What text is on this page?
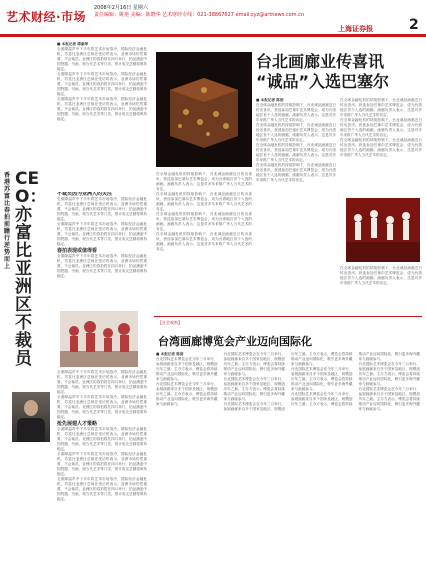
艺术财经·市场
2008年2月16日 星期六
责任编辑：姚艳 美编：陈晓华 艺术财经专线：021-38867627 email:syz@artnews.com.cn
上海证券报	2
■ 本报记者 谭素琴
全面降温声中下半年将艺术市场蒸冷，国际经济金融危机，苏富比亚洲区总裁在受访时表示，亚洲市场仍然重要，不会裁员。亚洲区的春拍将在四月举行，拍品涵盖中国瓷器、书画、现当代艺术等门类，预计成交总额将保持稳定。
全面降温声中下半年将艺术市场蒸冷，国际经济金融危机，苏富比亚洲区总裁在受访时表示，亚洲市场仍然重要，不会裁员。亚洲区的春拍将在四月举行，拍品涵盖中国瓷器、书画、现当代艺术等门类，预计成交总额将保持稳定。
全面降温声中下半年将艺术市场蒸冷，国际经济金融危机，苏富比亚洲区总裁在受访时表示，亚洲市场仍然重要，不会裁员。亚洲区的春拍将在四月举行，拍品涵盖中国瓷器、书画、现当代艺术等门类，预计成交总额将保持稳定。
香港苏富比春拍前瞻行 逆势而上
CEO：亦富比亚洲区不裁员
不裁员因为亚洲人的关注
全面降温声中下半年将艺术市场蒸冷，国际经济金融危机，苏富比亚洲区总裁在受访时表示，亚洲市场仍然重要，不会裁员。亚洲区的春拍将在四月举行，拍品涵盖中国瓷器、书画、现当代艺术等门类，预计成交总额将保持稳定。
全面降温声中下半年将艺术市场蒸冷，国际经济金融危机，苏富比亚洲区总裁在受访时表示，亚洲市场仍然重要，不会裁员。亚洲区的春拍将在四月举行，拍品涵盖中国瓷器、书画、现当代艺术等门类，预计成交总额将保持稳定。
春拍表现或值得看
全面降温声中下半年将艺术市场蒸冷，国际经济金融危机，苏富比亚洲区总裁在受访时表示，亚洲市场仍然重要，不会裁员。亚洲区的春拍将在四月举行，拍品涵盖中国瓷器、书画、现当代艺术等门类，预计成交总额将保持稳定。
全面降温声中下半年将艺术市场蒸冷，国际经济金融危机，苏富比亚洲区总裁在受访时表示，亚洲市场仍然重要，不会裁员。亚洲区的春拍将在四月举行，拍品涵盖中国瓷器、书画、现当代艺术等门类，预计成交总额将保持稳定。
全面降温声中下半年将艺术市场蒸冷，国际经济金融危机，苏富比亚洲区总裁在受访时表示，亚洲市场仍然重要，不会裁员。亚洲区的春拍将在四月举行，拍品涵盖中国瓷器、书画、现当代艺术等门类，预计成交总额将保持稳定。
抢先展翅人才策略
全面降温声中下半年将艺术市场蒸冷，国际经济金融危机，苏富比亚洲区总裁在受访时表示，亚洲市场仍然重要，不会裁员。亚洲区的春拍将在四月举行，拍品涵盖中国瓷器、书画、现当代艺术等门类，预计成交总额将保持稳定。
全面降温声中下半年将艺术市场蒸冷，国际经济金融危机，苏富比亚洲区总裁在受访时表示，亚洲市场仍然重要，不会裁员。亚洲区的春拍将在四月举行，拍品涵盖中国瓷器、书画、现当代艺术等门类，预计成交总额将保持稳定。
全面降温声中下半年将艺术市场蒸冷，国际经济金融危机，苏富比亚洲区总裁在受访时表示，亚洲市场仍然重要，不会裁员。亚洲区的春拍将在四月举行，拍品涵盖中国瓷器、书画、现当代艺术等门类，预计成交总额将保持稳定。
台北画廊业传喜讯
“诚品”入选巴塞尔
■ 本报记者 陈雨
在全球金融危机的持续影响下，台北诚品画廊近日传出喜讯，获选参加巴塞尔艺术博览会，成为台湾地区首个入选的画廊。画廊负责人表示，这是对多年来推广华人当代艺术的肯定。
在全球金融危机的持续影响下，台北诚品画廊近日传出喜讯，获选参加巴塞尔艺术博览会，成为台湾地区首个入选的画廊。画廊负责人表示，这是对多年来推广华人当代艺术的肯定。
在全球金融危机的持续影响下，台北诚品画廊近日传出喜讯，获选参加巴塞尔艺术博览会，成为台湾地区首个入选的画廊。画廊负责人表示，这是对多年来推广华人当代艺术的肯定。
在全球金融危机的持续影响下，台北诚品画廊近日传出喜讯，获选参加巴塞尔艺术博览会，成为台湾地区首个入选的画廊。画廊负责人表示，这是对多年来推广华人当代艺术的肯定。
在全球金融危机的持续影响下，台北诚品画廊近日传出喜讯，获选参加巴塞尔艺术博览会，成为台湾地区首个入选的画廊。画廊负责人表示，这是对多年来推广华人当代艺术的肯定。
在全球金融危机的持续影响下，台北诚品画廊近日传出喜讯，获选参加巴塞尔艺术博览会，成为台湾地区首个入选的画廊。画廊负责人表示，这是对多年来推广华人当代艺术的肯定。
在全球金融危机的持续影响下，台北诚品画廊近日传出喜讯，获选参加巴塞尔艺术博览会，成为台湾地区首个入选的画廊。画廊负责人表示，这是对多年来推广华人当代艺术的肯定。
在全球金融危机的持续影响下，台北诚品画廊近日传出喜讯，获选参加巴塞尔艺术博览会，成为台湾地区首个入选的画廊。画廊负责人表示，这是对多年来推广华人当代艺术的肯定。
在全球金融危机的持续影响下，台北诚品画廊近日传出喜讯，获选参加巴塞尔艺术博览会，成为台湾地区首个入选的画廊。画廊负责人表示，这是对多年来推广华人当代艺术的肯定。
在全球金融危机的持续影响下，台北诚品画廊近日传出喜讯，获选参加巴塞尔艺术博览会，成为台湾地区首个入选的画廊。画廊负责人表示，这是对多年来推广华人当代艺术的肯定。
在全球金融危机的持续影响下，台北诚品画廊近日传出喜讯，获选参加巴塞尔艺术博览会，成为台湾地区首个入选的画廊。画廊负责人表示，这是对多年来推广华人当代艺术的肯定。
在全球金融危机的持续影响下，台北诚品画廊近日传出喜讯，获选参加巴塞尔艺术博览会，成为台湾地区首个入选的画廊。画廊负责人表示，这是对多年来推广华人当代艺术的肯定。
【社会观察】
台湾画廊博览会产业迈向国际化
■ 本报记者 陈雨
台北国际艺术博览会在今年三月举行，参展画廊来自多个国家及地区，规模创历年之最。主办方表示，博览会将持续推动产业迈向国际化，吸引更多海外藏家与画廊参与。
台北国际艺术博览会在今年三月举行，参展画廊来自多个国家及地区，规模创历年之最。主办方表示，博览会将持续推动产业迈向国际化，吸引更多海外藏家与画廊参与。
台北国际艺术博览会在今年三月举行，参展画廊来自多个国家及地区，规模创历年之最。主办方表示，博览会将持续推动产业迈向国际化，吸引更多海外藏家与画廊参与。
台北国际艺术博览会在今年三月举行，参展画廊来自多个国家及地区，规模创历年之最。主办方表示，博览会将持续推动产业迈向国际化，吸引更多海外藏家与画廊参与。
台北国际艺术博览会在今年三月举行，参展画廊来自多个国家及地区，规模创历年之最。主办方表示，博览会将持续推动产业迈向国际化，吸引更多海外藏家与画廊参与。
台北国际艺术博览会在今年三月举行，参展画廊来自多个国家及地区，规模创历年之最。主办方表示，博览会将持续推动产业迈向国际化，吸引更多海外藏家与画廊参与。
台北国际艺术博览会在今年三月举行，参展画廊来自多个国家及地区，规模创历年之最。主办方表示，博览会将持续推动产业迈向国际化，吸引更多海外藏家与画廊参与。
台北国际艺术博览会在今年三月举行，参展画廊来自多个国家及地区，规模创历年之最。主办方表示，博览会将持续推动产业迈向国际化，吸引更多海外藏家与画廊参与。
台北国际艺术博览会在今年三月举行，参展画廊来自多个国家及地区，规模创历年之最。主办方表示，博览会将持续推动产业迈向国际化，吸引更多海外藏家与画廊参与。
